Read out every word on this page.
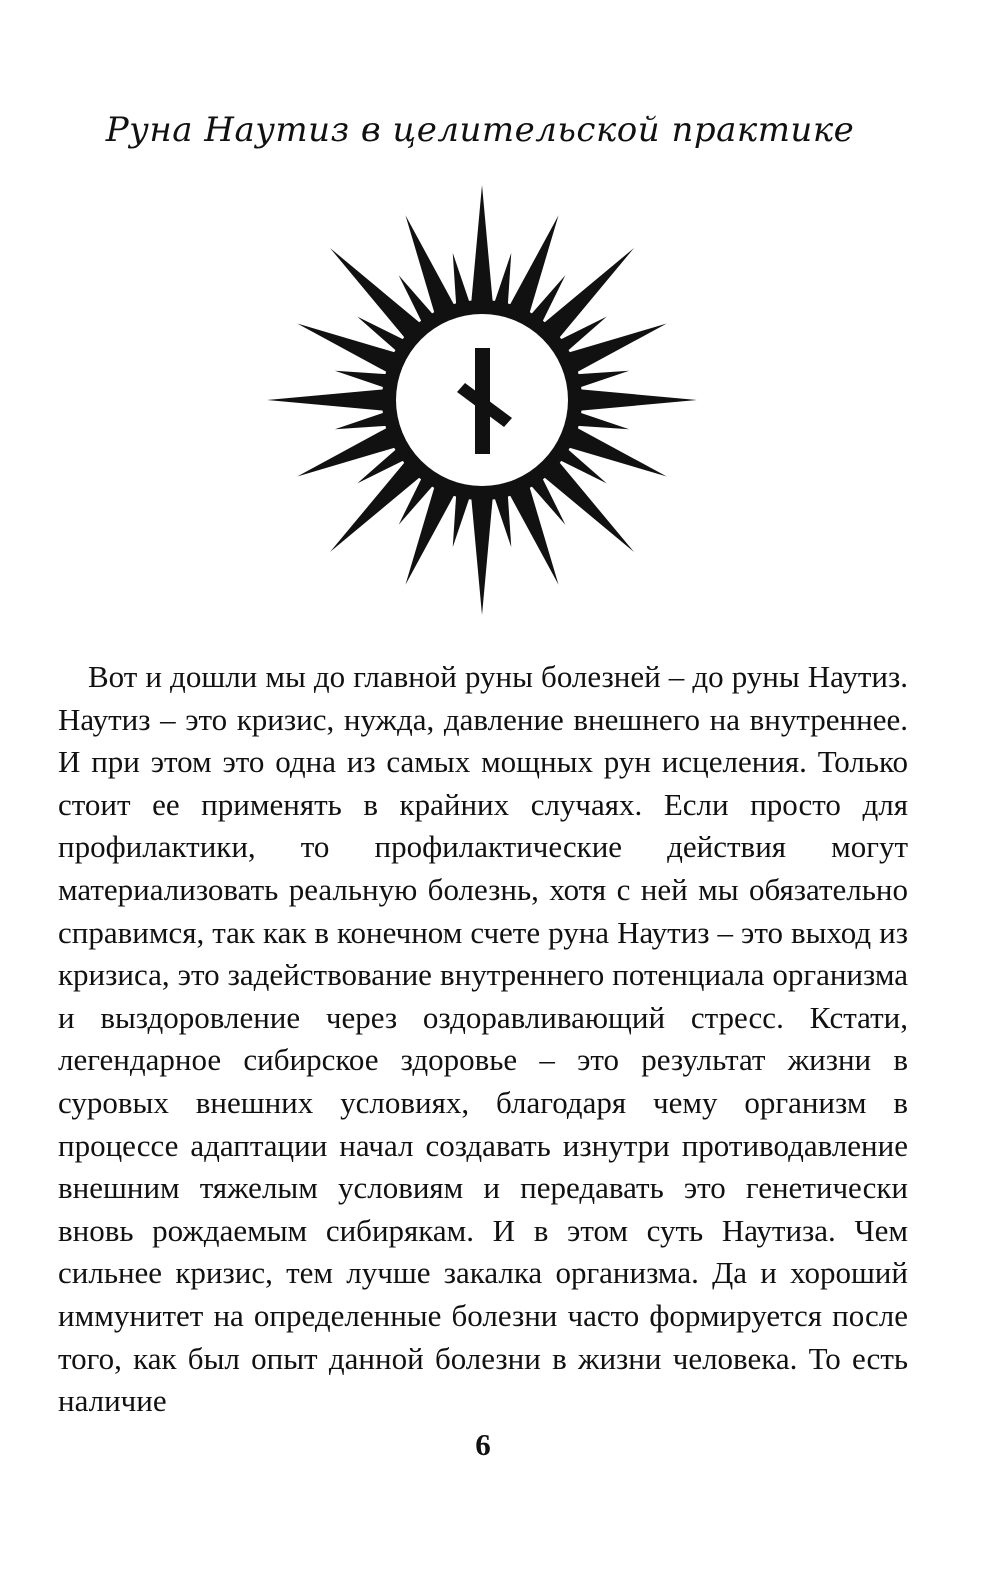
Руна Наутиз в целительской практике

Вот и дошли мы до главной руны болезней – до руны Наутиз. Наутиз – это кризис, нужда, давление внешнего на внутреннее. И при этом это одна из самых мощных рун исцеления. Только стоит ее применять в крайних случаях. Если просто для профилактики, то профилактические действия могут материализовать реальную болезнь, хотя с ней мы обязательно справимся, так как в конечном счете руна Наутиз – это выход из кризиса, это задействование внутреннего потенциала организма и выздоровление через оздоравливающий стресс. Кстати, легендарное сибирское здоровье – это результат жизни в суровых внешних условиях, благодаря чему организм в процессе адаптации начал создавать изнутри противодавление внешним тяжелым условиям и передавать это генетически вновь рождаемым сибирякам. И в этом суть Наутиза. Чем сильнее кризис, тем лучше закалка организма. Да и хороший иммунитет на определенные болезни часто формируется после того, как был опыт данной болезни в жизни человека. То есть наличие

6
